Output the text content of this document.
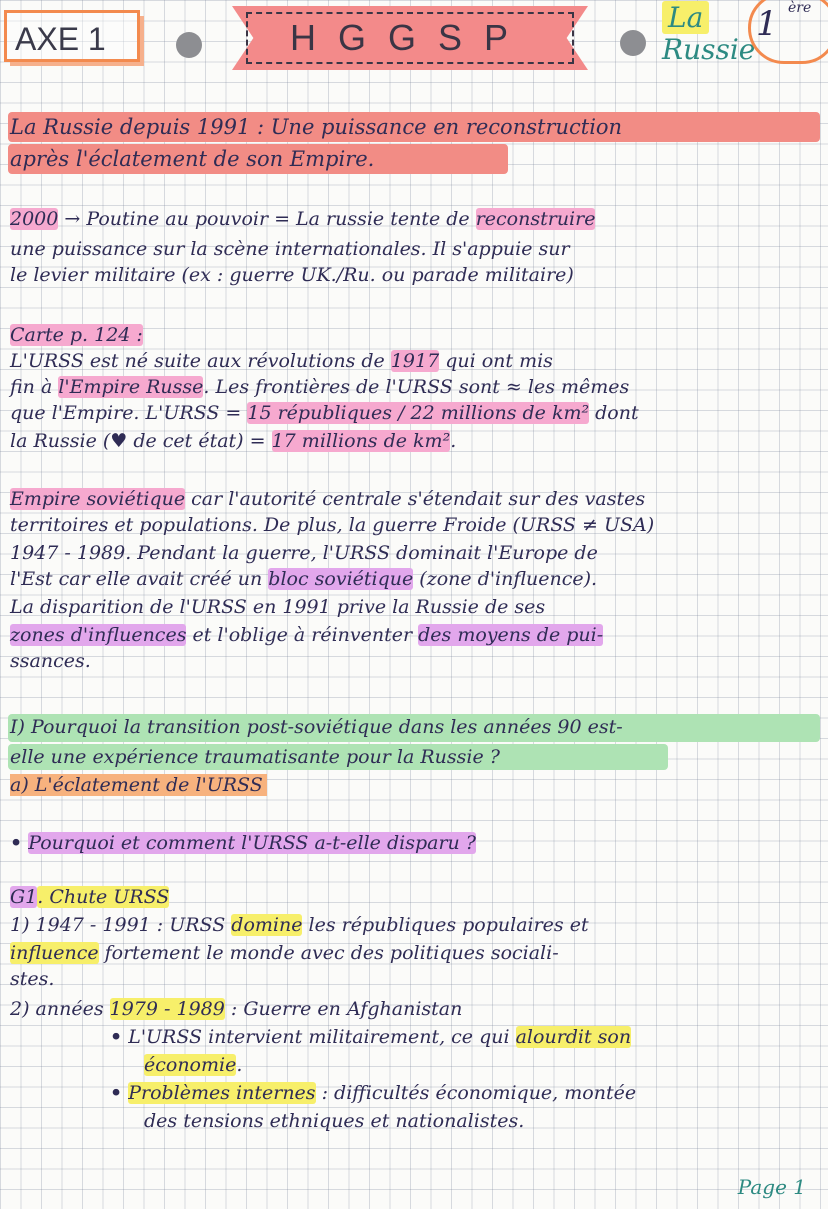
AXE 1	HGGSP	La
Russie
1 ère
La Russie depuis 1991 : Une puissance en reconstruction
après l'éclatement de son Empire.
2000 → Poutine au pouvoir = La russie tente de reconstruire
une puissance sur la scène internationales. Il s'appuie sur
le levier militaire (ex : guerre UK./Ru. ou parade militaire)
Carte p. 124 :
L'URSS est né suite aux révolutions de 1917 qui ont mis
fin à l'Empire Russe. Les frontières de l'URSS sont ≈ les mêmes
que l'Empire. L'URSS = 15 républiques / 22 millions de km² dont
la Russie (♥ de cet état) = 17 millions de km².
Empire soviétique car l'autorité centrale s'étendait sur des vastes
territoires et populations. De plus, la guerre Froide (URSS ≠ USA)
1947 - 1989. Pendant la guerre, l'URSS dominait l'Europe de
l'Est car elle avait créé un bloc soviétique (zone d'influence).
La disparition de l'URSS en 1991 prive la Russie de ses
zones d'influences et l'oblige à réinventer des moyens de pui-
ssances.
I) Pourquoi la transition post-soviétique dans les années 90 est-
elle une expérience traumatisante pour la Russie ?
a) L'éclatement de l'URSS
• Pourquoi et comment l'URSS a-t-elle disparu ?
G1. Chute URSS
1) 1947 - 1991 : URSS domine les républiques populaires et
influence fortement le monde avec des politiques sociali-
stes.
2) années 1979 - 1989 : Guerre en Afghanistan
• L'URSS intervient militairement, ce qui alourdit son
économie.
• Problèmes internes : difficultés économique, montée
des tensions ethniques et nationalistes.
Page 1
